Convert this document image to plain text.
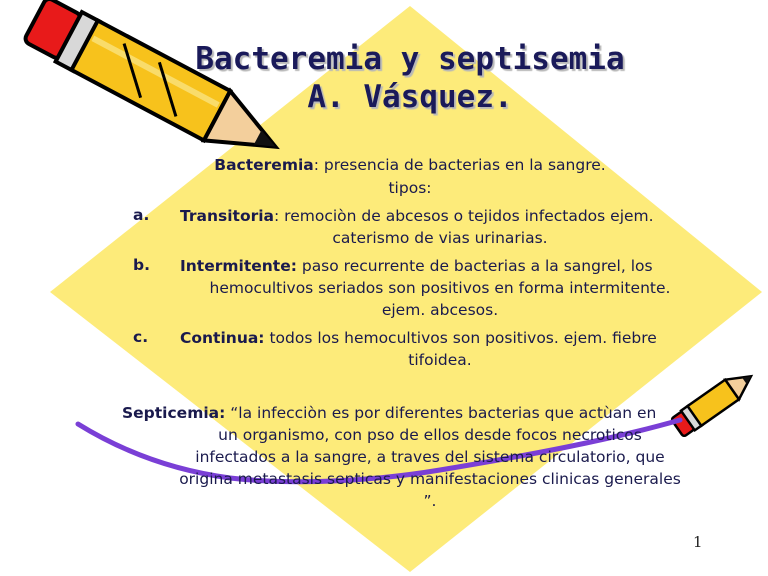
Bacteremia y septisemia
A. Vásquez.
Bacteremia: presencia de bacterias en la sangre.
tipos:
a. Transitoria: remociòn de abcesos o tejidos infectados ejem.
caterismo de vias urinarias.
b. Intermitente: paso recurrente de bacterias a la sangrel, los
hemocultivos seriados son positivos en forma intermitente.
ejem. abcesos.
c. Continua: todos los hemocultivos son positivos. ejem. fiebre
tifoidea.
Septicemia: “la infecciòn es por diferentes bacterias que actùan en
un organismo, con pso de ellos desde focos necroticos
infectados a la sangre, a traves del sistema circulatorio, que
origina metastasis septicas y manifestaciones clinicas generales
”.
1
